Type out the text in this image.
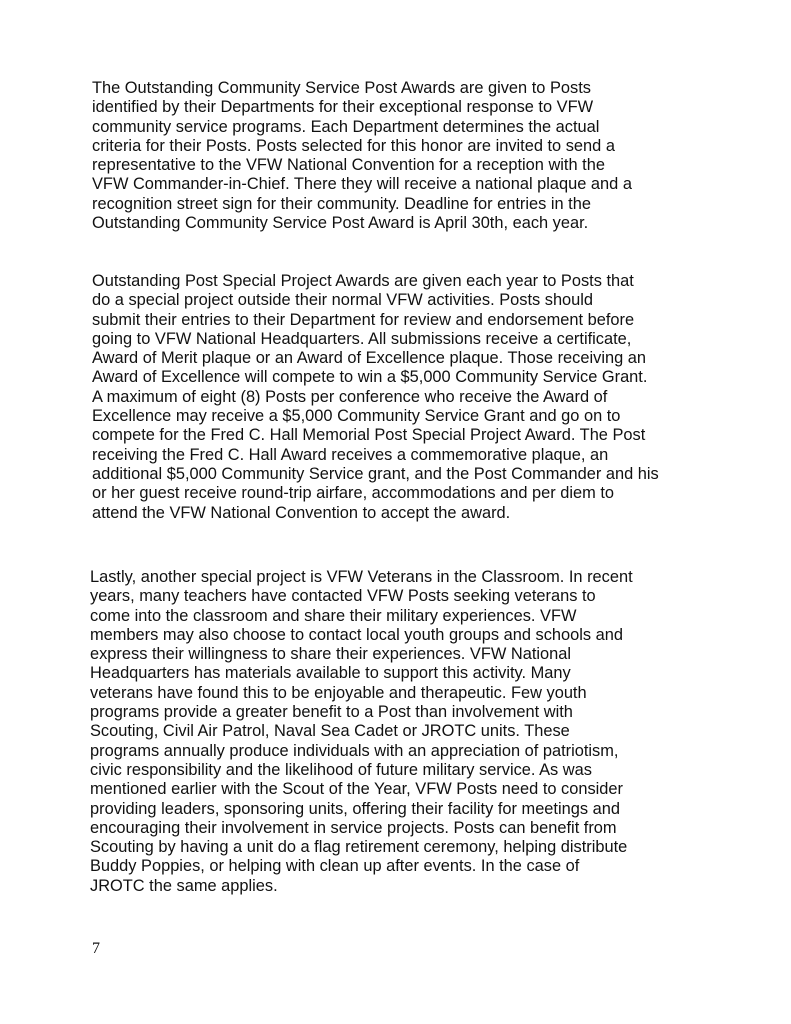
The Outstanding Community Service Post Awards are given to Posts
identified by their Departments for their exceptional response to VFW
community service programs. Each Department determines the actual
criteria for their Posts. Posts selected for this honor are invited to send a
representative to the VFW National Convention for a reception with the
VFW Commander-in-Chief. There they will receive a national plaque and a
recognition street sign for their community. Deadline for entries in the
Outstanding Community Service Post Award is April 30th, each year.

Outstanding Post Special Project Awards are given each year to Posts that
do a special project outside their normal VFW activities. Posts should
submit their entries to their Department for review and endorsement before
going to VFW National Headquarters. All submissions receive a certificate,
Award of Merit plaque or an Award of Excellence plaque. Those receiving an
Award of Excellence will compete to win a $5,000 Community Service Grant.
A maximum of eight (8) Posts per conference who receive the Award of
Excellence may receive a $5,000 Community Service Grant and go on to
compete for the Fred C. Hall Memorial Post Special Project Award. The Post
receiving the Fred C. Hall Award receives a commemorative plaque, an
additional $5,000 Community Service grant, and the Post Commander and his
or her guest receive round-trip airfare, accommodations and per diem to
attend the VFW National Convention to accept the award.

Lastly, another special project is VFW Veterans in the Classroom. In recent
years, many teachers have contacted VFW Posts seeking veterans to
come into the classroom and share their military experiences. VFW
members may also choose to contact local youth groups and schools and
express their willingness to share their experiences. VFW National
Headquarters has materials available to support this activity. Many
veterans have found this to be enjoyable and therapeutic. Few youth
programs provide a greater benefit to a Post than involvement with
Scouting, Civil Air Patrol, Naval Sea Cadet or JROTC units. These
programs annually produce individuals with an appreciation of patriotism,
civic responsibility and the likelihood of future military service. As was
mentioned earlier with the Scout of the Year, VFW Posts need to consider
providing leaders, sponsoring units, offering their facility for meetings and
encouraging their involvement in service projects. Posts can benefit from
Scouting by having a unit do a flag retirement ceremony, helping distribute
Buddy Poppies, or helping with clean up after events. In the case of
JROTC the same applies.

7
